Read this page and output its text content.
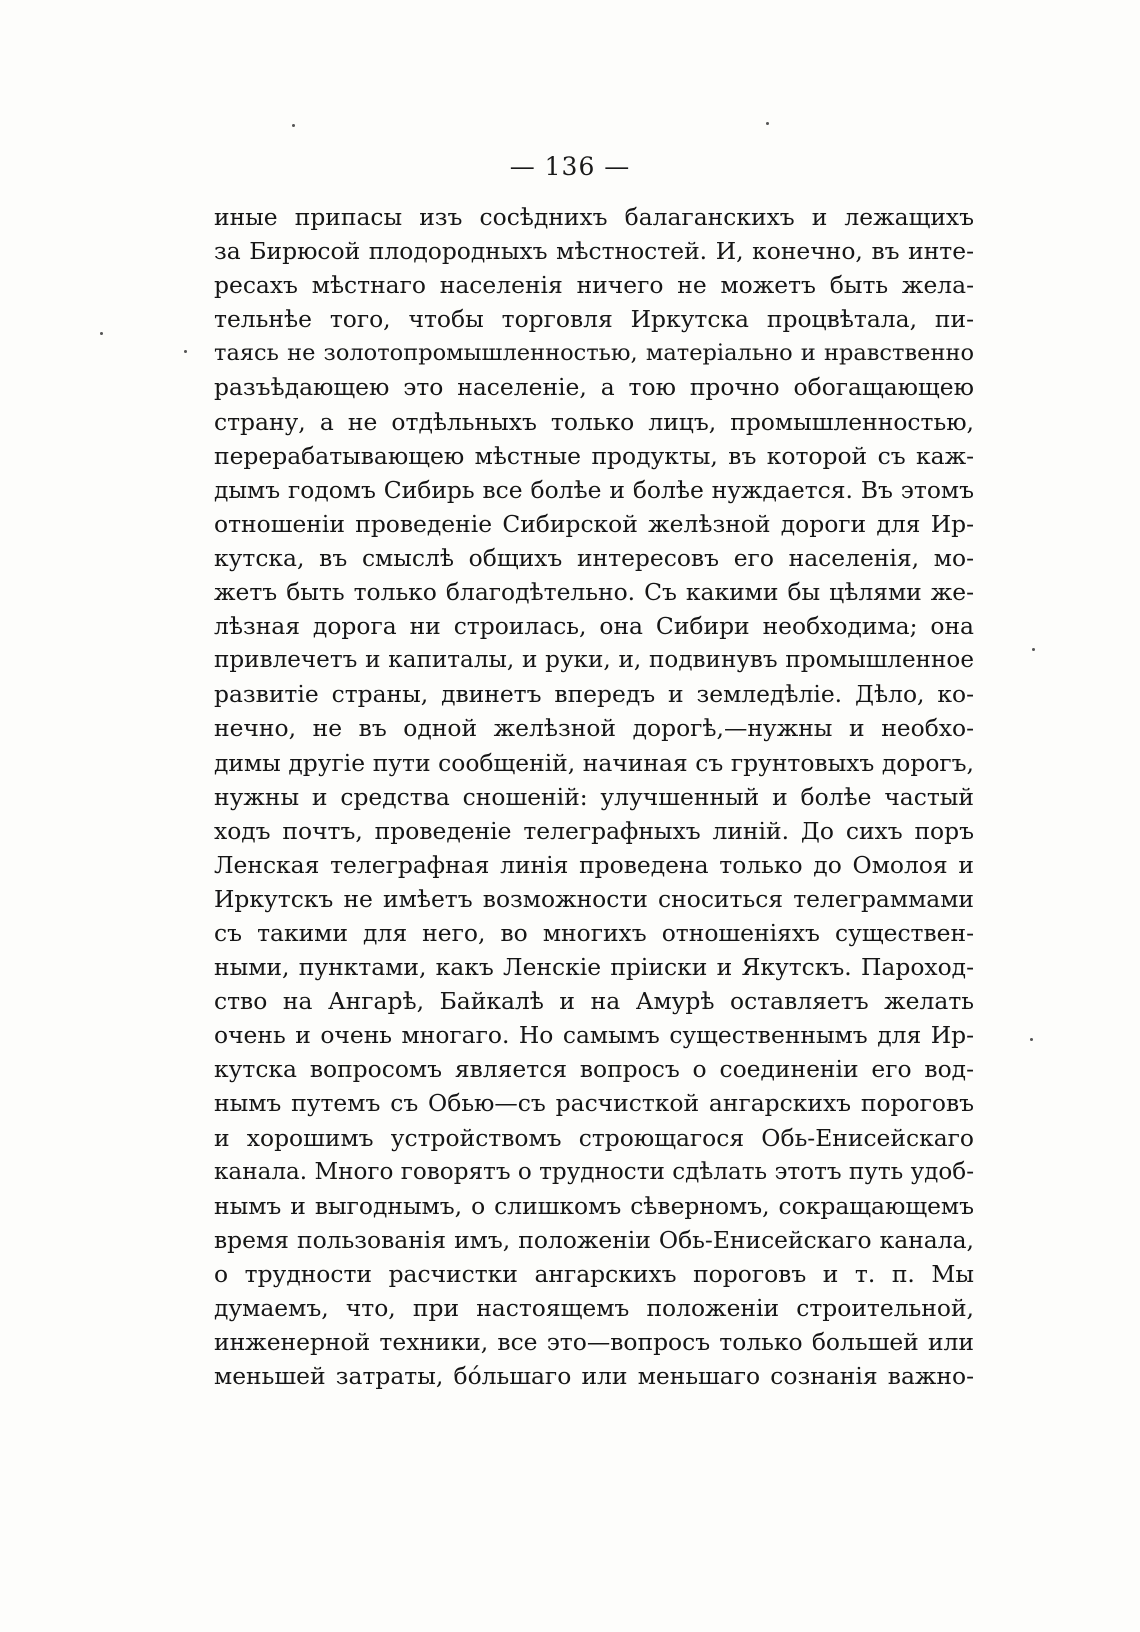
— 136 —
иные припасы изъ сосѣднихъ балаганскихъ и лежащихъ
за Бирюсой плодородныхъ мѣстностей. И, конечно, въ инте-
ресахъ мѣстнаго населенія ничего не можетъ быть жела-
тельнѣе того, чтобы торговля Иркутска процвѣтала, пи-
таясь не золотопромышленностью, матеріально и нравственно
разъѣдающею это населеніе, а тою прочно обогащающею
страну, а не отдѣльныхъ только лицъ, промышленностью,
перерабатывающею мѣстные продукты, въ которой съ каж-
дымъ годомъ Сибирь все болѣе и болѣе нуждается. Въ этомъ
отношеніи проведеніе Сибирской желѣзной дороги для Ир-
кутска, въ смыслѣ общихъ интересовъ его населенія, мо-
жетъ быть только благодѣтельно. Съ какими бы цѣлями же-
лѣзная дорога ни строилась, она Сибири необходима; она
привлечетъ и капиталы, и руки, и, подвинувъ промышленное
развитіе страны, двинетъ впередъ и земледѣліе. Дѣло, ко-
нечно, не въ одной желѣзной дорогѣ,—нужны и необхо-
димы другіе пути сообщеній, начиная съ грунтовыхъ дорогъ,
нужны и средства сношеній: улучшенный и болѣе частый
ходъ почтъ, проведеніе телеграфныхъ линій. До сихъ поръ
Ленская телеграфная линія проведена только до Омолоя и
Иркутскъ не имѣетъ возможности сноситься телеграммами
съ такими для него, во многихъ отношеніяхъ существен-
ными, пунктами, какъ Ленскіе пріиски и Якутскъ. Пароход-
ство на Ангарѣ, Байкалѣ и на Амурѣ оставляетъ желать
очень и очень многаго. Но самымъ существеннымъ для Ир-
кутска вопросомъ является вопросъ о соединеніи его вод-
нымъ путемъ съ Обью—съ расчисткой ангарскихъ пороговъ
и хорошимъ устройствомъ строющагося Обь-Енисейскаго
канала. Много говорятъ о трудности сдѣлать этотъ путь удоб-
нымъ и выгоднымъ, о слишкомъ сѣверномъ, сокращающемъ
время пользованія имъ, положеніи Обь-Енисейскаго канала,
о трудности расчистки ангарскихъ пороговъ и т. п. Мы
думаемъ, что, при настоящемъ положеніи строительной,
инженерной техники, все это—вопросъ только большей или
меньшей затраты, бóльшаго или меньшаго сознанія важно-
